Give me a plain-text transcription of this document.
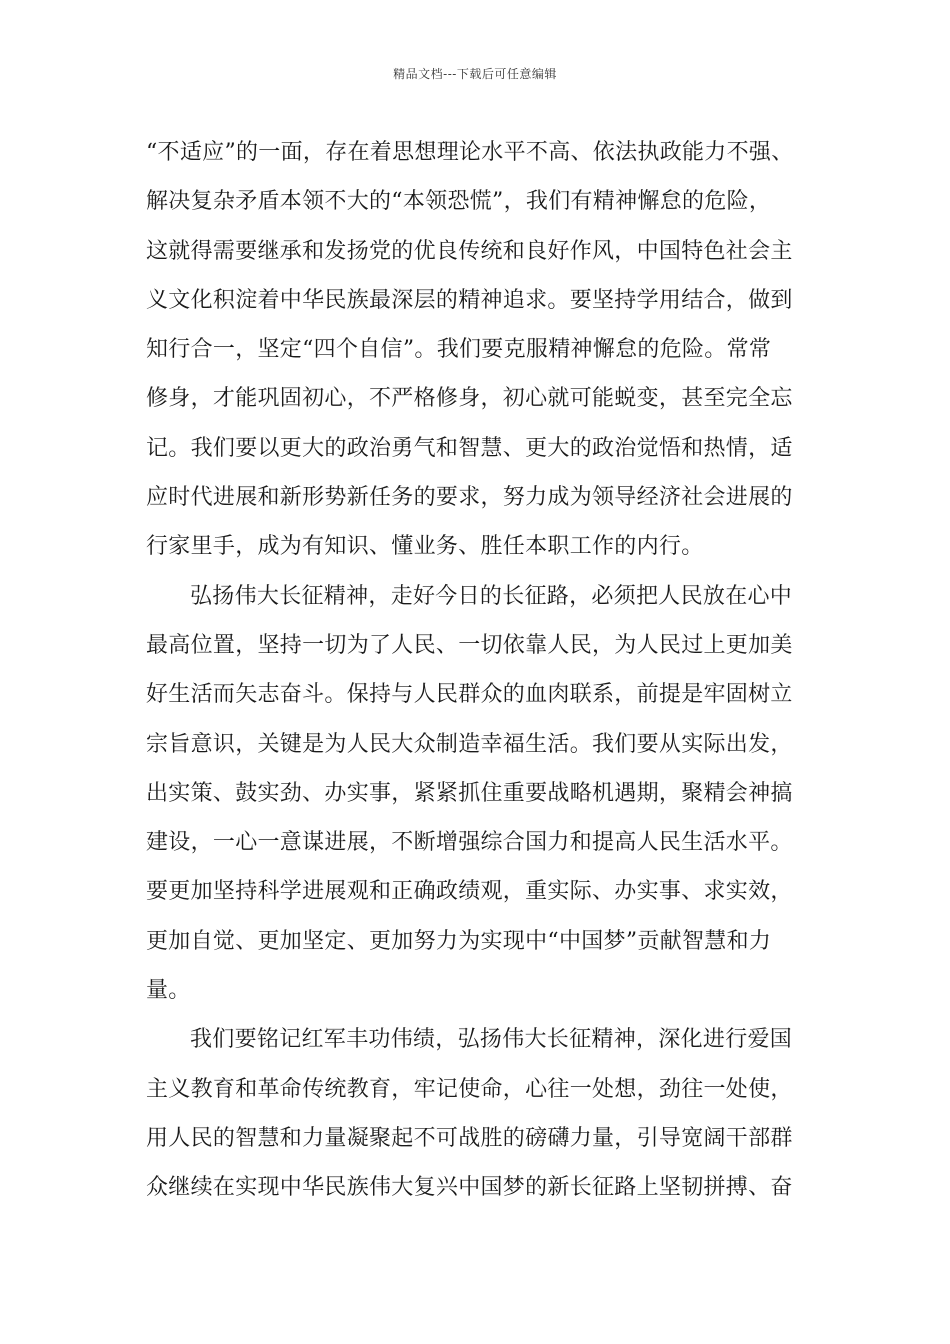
精品文档---下载后可任意编辑
“不适应”的一面，存在着思想理论水平不高、依法执政能力不强、
解决复杂矛盾本领不大的“本领恐慌”，我们有精神懈怠的危险，
这就得需要继承和发扬党的优良传统和良好作风，中国特色社会主
义文化积淀着中华民族最深层的精神追求。要坚持学用结合，做到
知行合一，坚定“四个自信”。我们要克服精神懈怠的危险。常常
修身，才能巩固初心，不严格修身，初心就可能蜕变，甚至完全忘
记。我们要以更大的政治勇气和智慧、更大的政治觉悟和热情，适
应时代进展和新形势新任务的要求，努力成为领导经济社会进展的
行家里手，成为有知识、懂业务、胜任本职工作的内行。
弘扬伟大长征精神，走好今日的长征路，必须把人民放在心中
最高位置，坚持一切为了人民、一切依靠人民，为人民过上更加美
好生活而矢志奋斗。保持与人民群众的血肉联系，前提是牢固树立
宗旨意识，关键是为人民大众制造幸福生活。我们要从实际出发，
出实策、鼓实劲、办实事，紧紧抓住重要战略机遇期，聚精会神搞
建设，一心一意谋进展，不断增强综合国力和提高人民生活水平。
要更加坚持科学进展观和正确政绩观，重实际、办实事、求实效，
更加自觉、更加坚定、更加努力为实现中“中国梦”贡献智慧和力
量。
我们要铭记红军丰功伟绩，弘扬伟大长征精神，深化进行爱国
主义教育和革命传统教育，牢记使命，心往一处想，劲往一处使，
用人民的智慧和力量凝聚起不可战胜的磅礴力量，引导宽阔干部群
众继续在实现中华民族伟大复兴中国梦的新长征路上坚韧拼搏、奋
